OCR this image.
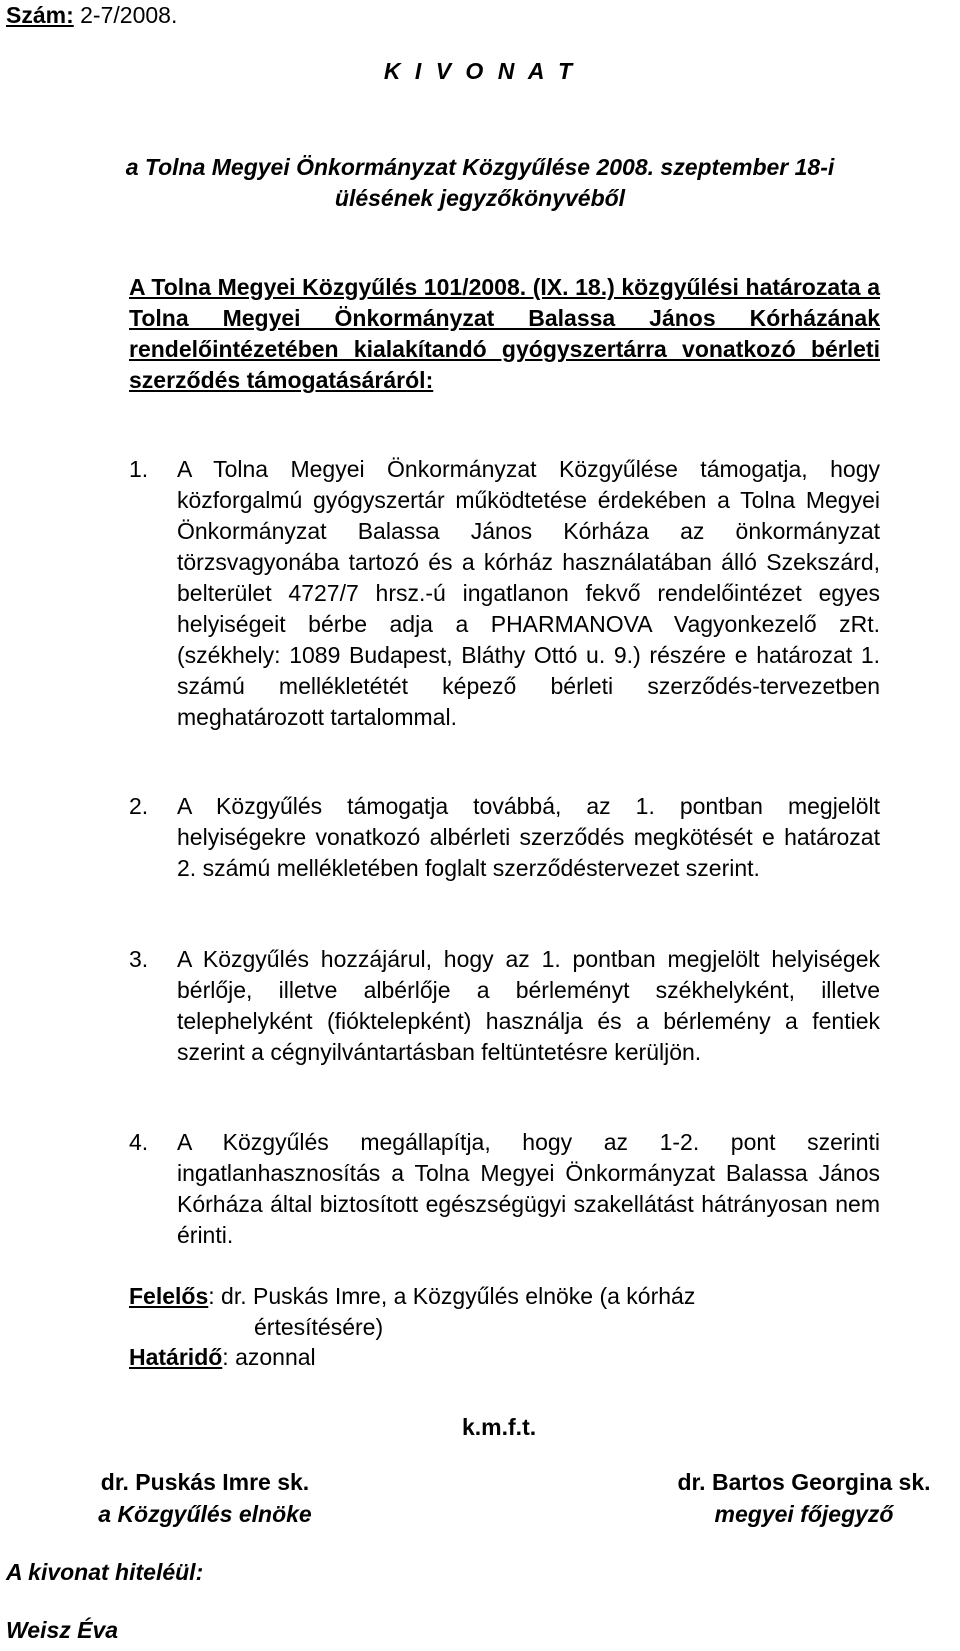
Szám: 2-7/2008.
K I V O N A T
a Tolna Megyei Önkormányzat Közgyűlése 2008. szeptember 18-i
ülésének jegyzőkönyvéből
A Tolna Megyei Közgyűlés 101/2008. (IX. 18.) közgyűlési határozata a Tolna Megyei Önkormányzat Balassa János Kórházának rendelőintézetében kialakítandó gyógyszertárra vonatkozó bérleti szerződés támogatásáráról:
1.	A Tolna Megyei Önkormányzat Közgyűlése támogatja, hogy közforgalmú gyógyszertár működtetése érdekében a Tolna Megyei Önkormányzat Balassa János Kórháza az önkormányzat törzsvagyonába tartozó és a kórház használatában álló Szekszárd, belterület 4727/7 hrsz.-ú ingatlanon fekvő rendelőintézet egyes helyiségeit bérbe adja a PHARMANOVA Vagyonkezelő zRt. (székhely: 1089 Budapest, Bláthy Ottó u. 9.) részére e határozat 1. számú mellékletétét képező bérleti szerződés-tervezetben meghatározott tartalommal.
2.	A Közgyűlés támogatja továbbá, az 1. pontban megjelölt helyiségekre vonatkozó albérleti szerződés megkötését e határozat 2. számú mellékletében foglalt szerződéstervezet szerint.
3.	A Közgyűlés hozzájárul, hogy az 1. pontban megjelölt helyiségek bérlője, illetve albérlője a bérleményt székhelyként, illetve telephelyként (fióktelepként) használja és a bérlemény a fentiek szerint a cégnyilvántartásban feltüntetésre kerüljön.
4.	A Közgyűlés megállapítja, hogy az 1-2. pont szerinti ingatlanhasznosítás a Tolna Megyei Önkormányzat Balassa János Kórháza által biztosított egészségügyi szakellátást hátrányosan nem érinti.
Felelős : dr. Puskás Imre, a Közgyűlés elnöke (a kórház
értesítésére)
Határidő: azonnal
k.m.f.t.
dr. Puskás Imre sk.
a Közgyűlés elnöke
dr. Bartos Georgina sk.
megyei főjegyző
A kivonat hiteléül:
Weisz Éva
